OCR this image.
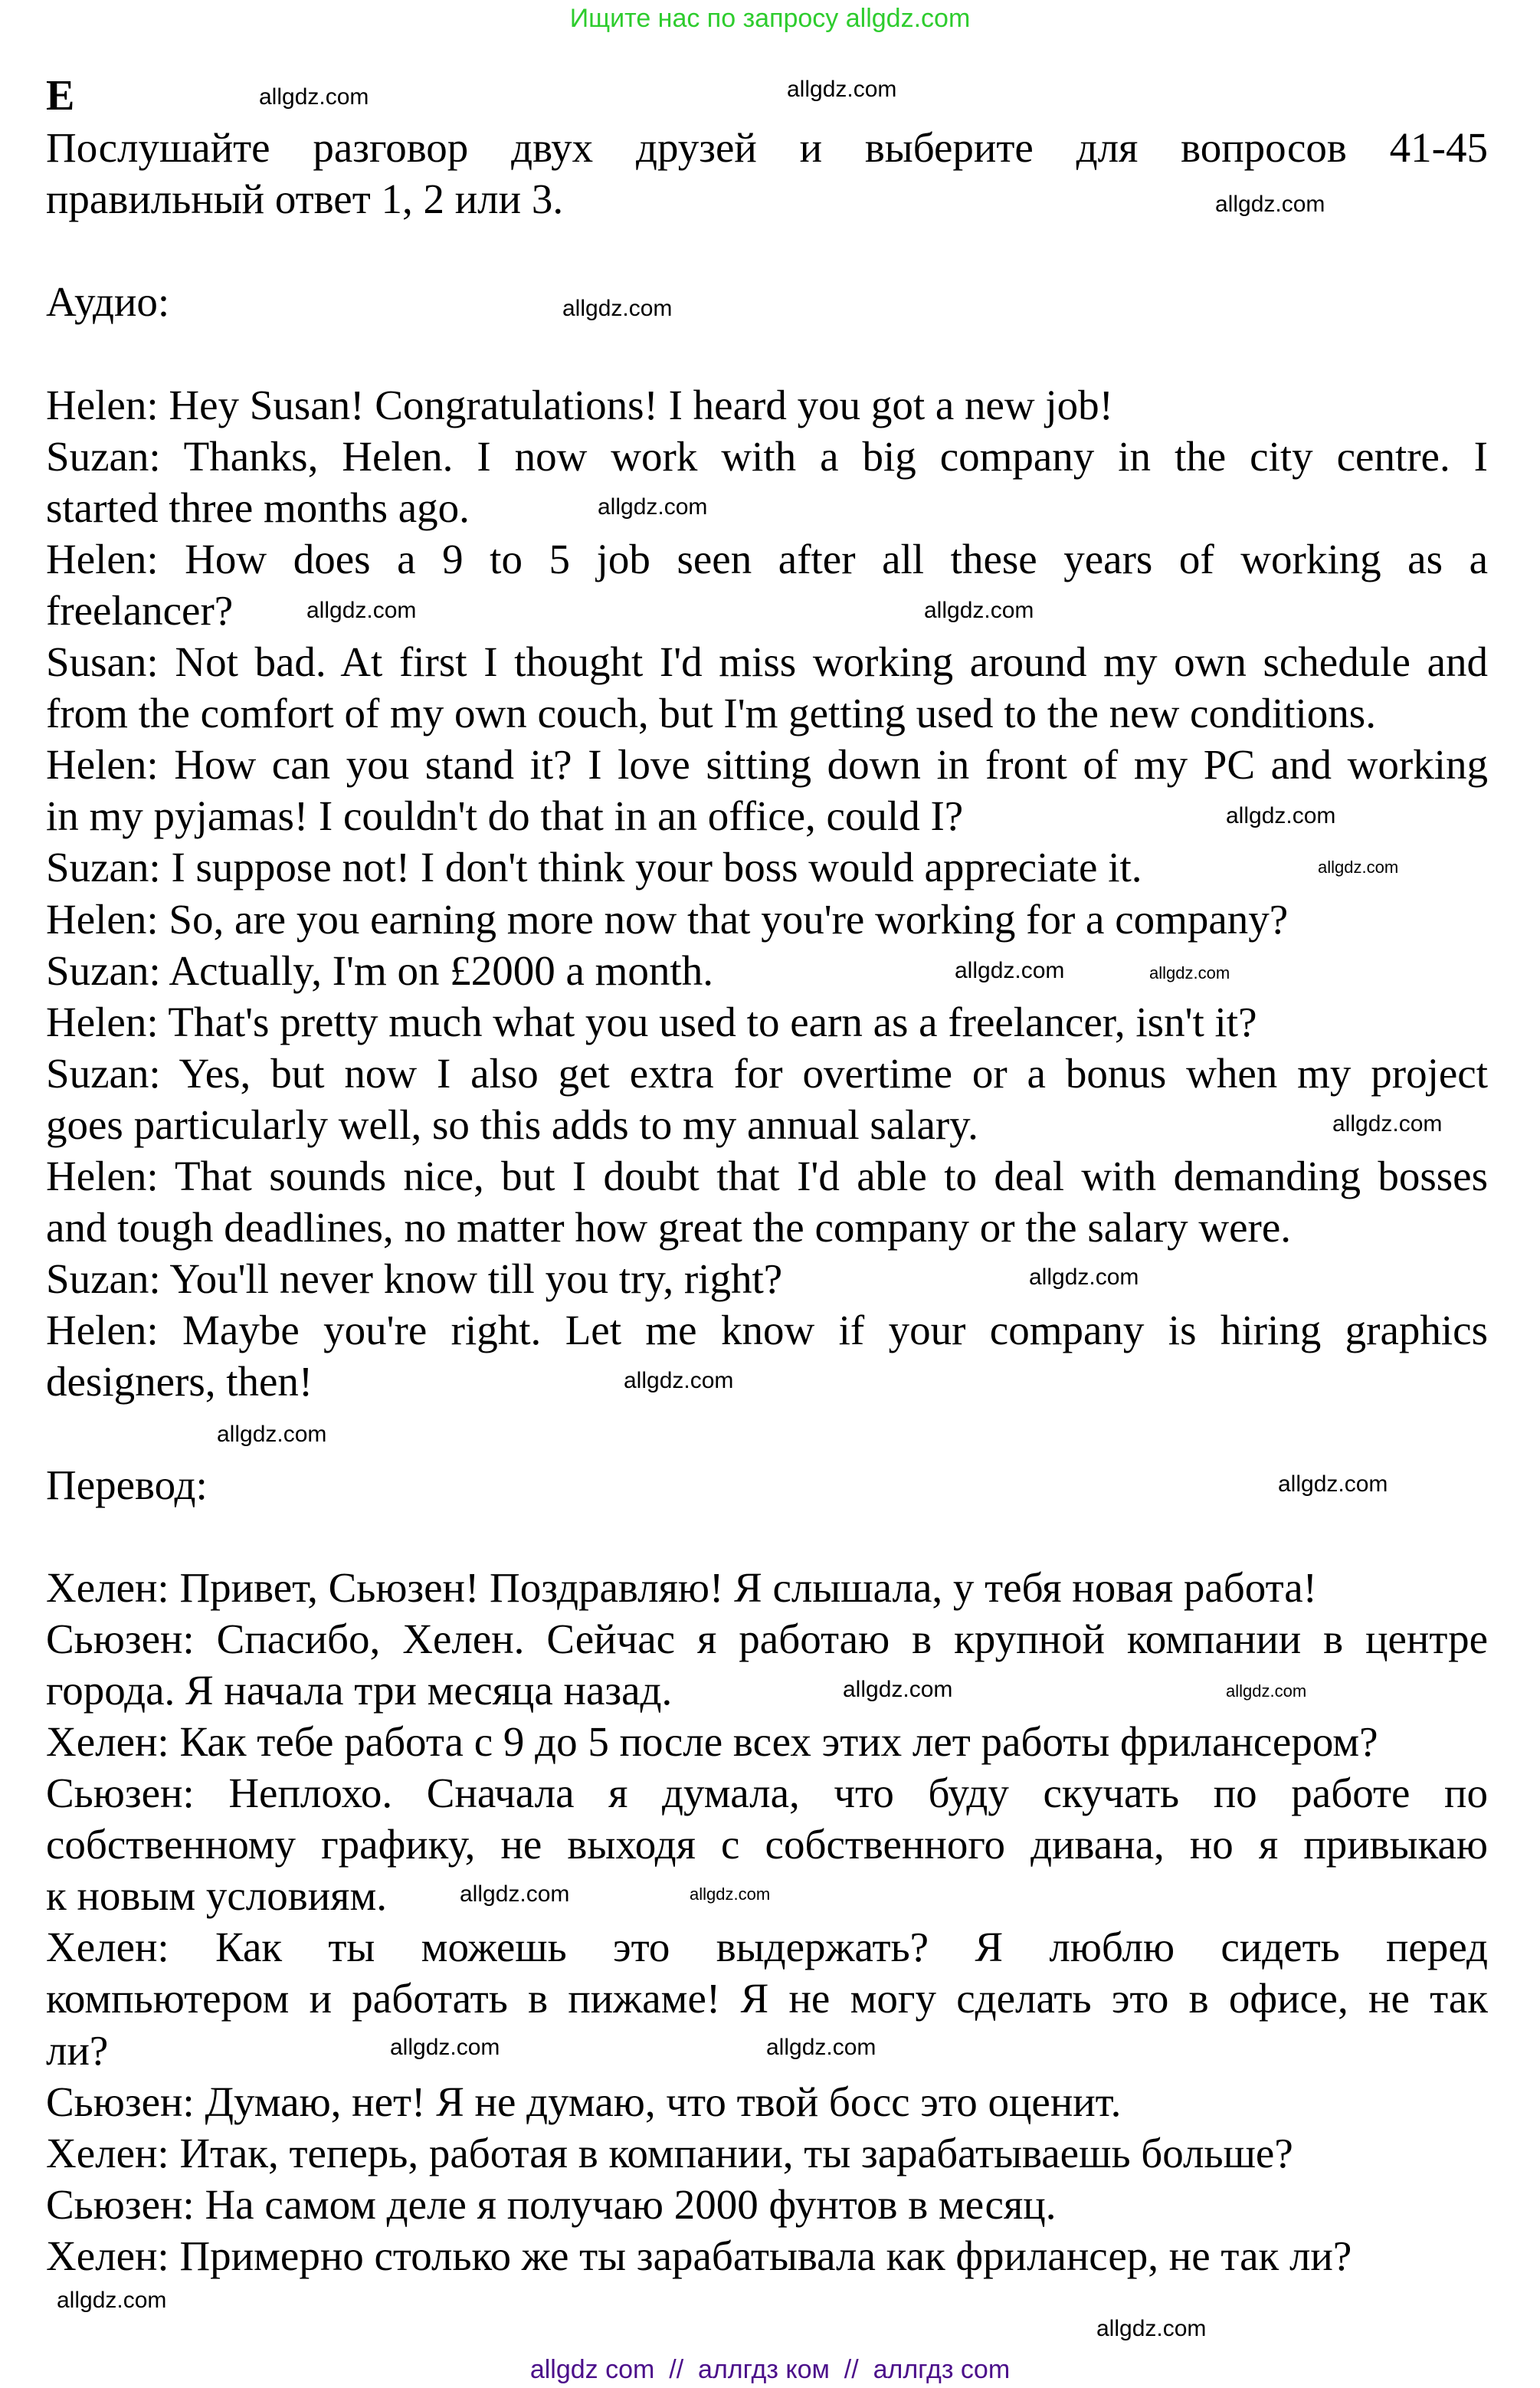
Ищите нас по запросу allgdz.com
E
Послушайте разговор двух друзей и выберите для вопросов 41-45
правильный ответ 1, 2 или 3.
Аудио:
Helen: Hey Susan! Congratulations! I heard you got a new job!
Suzan: Thanks, Helen. I now work with a big company in the city centre. I
started three months ago.
Helen: How does a 9 to 5 job seen after all these years of working as a
freelancer?
Susan: Not bad. At first I thought I'd miss working around my own schedule and
from the comfort of my own couch, but I'm getting used to the new conditions.
Helen: How can you stand it? I love sitting down in front of my PC and working
in my pyjamas! I couldn't do that in an office, could I?
Suzan: I suppose not! I don't think your boss would appreciate it.
Helen: So, are you earning more now that you're working for a company?
Suzan: Actually, I'm on £2000 a month.
Helen: That's pretty much what you used to earn as a freelancer, isn't it?
Suzan: Yes, but now I also get extra for overtime or a bonus when my project
goes particularly well, so this adds to my annual salary.
Helen: That sounds nice, but I doubt that I'd able to deal with demanding bosses
and tough deadlines, no matter how great the company or the salary were.
Suzan: You'll never know till you try, right?
Helen: Maybe you're right. Let me know if your company is hiring graphics
designers, then!
Перевод:
Хелен: Привет, Сьюзен! Поздравляю! Я слышала, у тебя новая работа!
Сьюзен: Спасибо, Хелен. Сейчас я работаю в крупной компании в центре
города. Я начала три месяца назад.
Хелен: Как тебе работа с 9 до 5 после всех этих лет работы фрилансером?
Сьюзен: Неплохо. Сначала я думала, что буду скучать по работе по
собственному графику, не выходя с собственного дивана, но я привыкаю
к новым условиям.
Хелен: Как ты можешь это выдержать? Я люблю сидеть перед
компьютером и работать в пижаме! Я не могу сделать это в офисе, не так
ли?
Сьюзен: Думаю, нет! Я не думаю, что твой босс это оценит.
Хелен: Итак, теперь, работая в компании, ты зарабатываешь больше?
Сьюзен: На самом деле я получаю 2000 фунтов в месяц.
Хелен: Примерно столько же ты зарабатывала как фрилансер, не так ли?
allgdz.com
allgdz.com
allgdz.com
allgdz.com
allgdz.com
allgdz.com	allgdz.com
allgdz.com
allgdz.com
allgdz.com	allgdz.com
allgdz.com
allgdz.com
allgdz.com
allgdz.com
allgdz.com
allgdz.com	allgdz.com
allgdz.com	allgdz.com
allgdz.com	allgdz.com
allgdz.com
allgdz.com
allgdz com  //  аллгдз ком  //  аллгдз com
